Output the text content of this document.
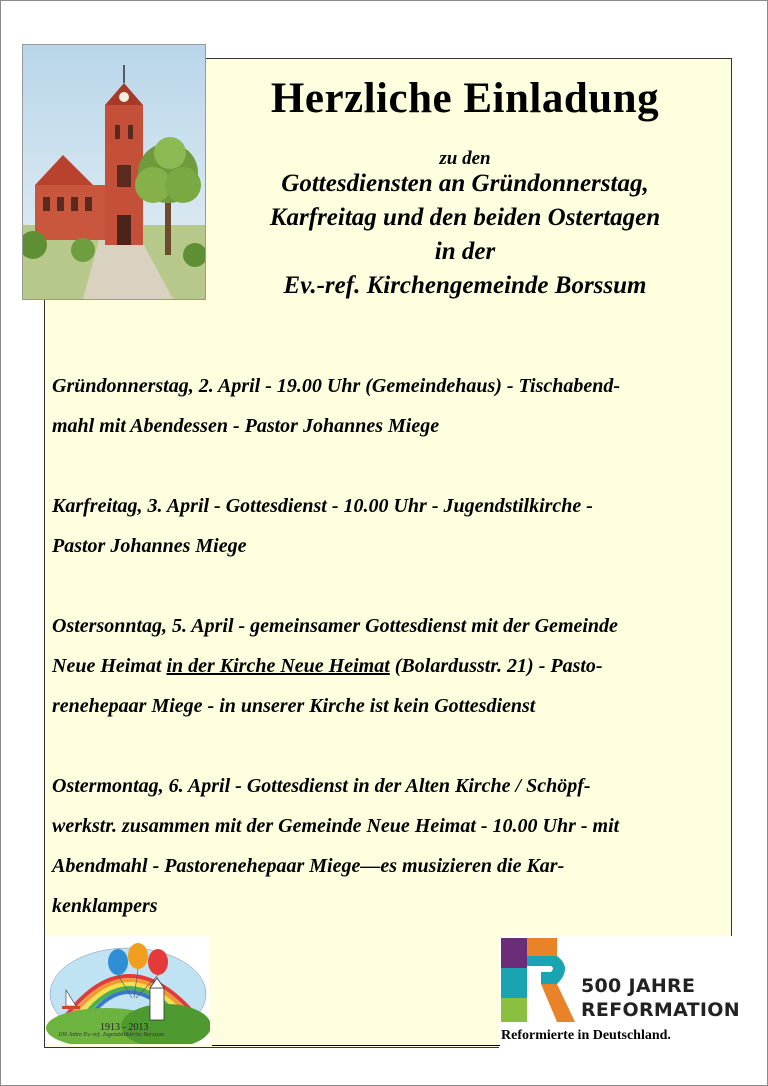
Herzliche Einladung
zu den
Gottesdiensten an Gründonnerstag,
Karfreitag und den beiden Ostertagen
in der
Ev.-ref. Kirchengemeinde Borssum
Gründonnerstag, 2. April - 19.00 Uhr (Gemeindehaus) - Tischabend-
mahl mit Abendessen - Pastor Johannes Miege
Karfreitag, 3. April - Gottesdienst - 10.00 Uhr - Jugendstilkirche -
Pastor Johannes Miege
Ostersonntag, 5. April - gemeinsamer Gottesdienst mit der Gemeinde
Neue Heimat in der Kirche Neue Heimat (Bolardusstr. 21) - Pasto-
renehepaar Miege - in unserer Kirche ist kein Gottesdienst
Ostermontag, 6. April - Gottesdienst in der Alten Kirche / Schöpf-
werkstr. zusammen mit der Gemeinde Neue Heimat - 10.00 Uhr - mit
Abendmahl - Pastorenehepaar Miege—es musizieren die Kar-
kenklampers
1913 - 2013
100 Jahre Ev.-ref. Jugendstilkirche Borssum
500 JAHRE
REFORMATION
Reformierte in Deutschland.
